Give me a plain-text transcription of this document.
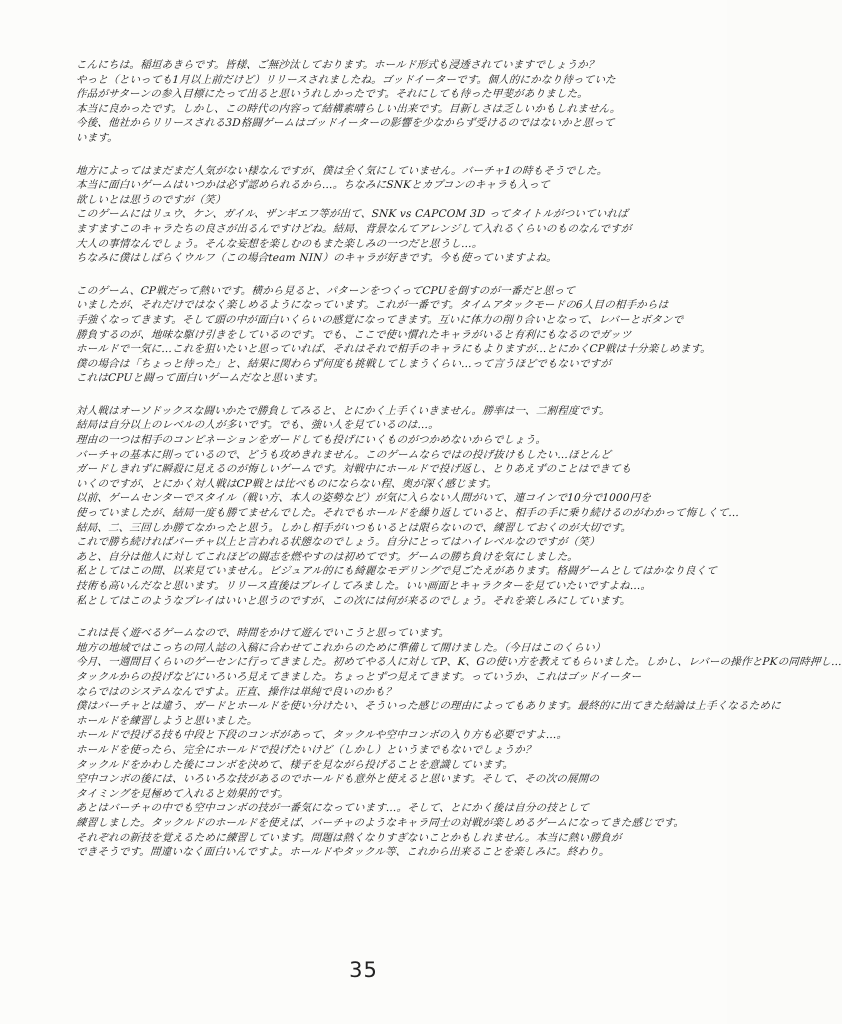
こんにちは。稲垣あきらです。皆様、ご無沙汰しております。ホールド形式も浸透されていますでしょうか？
やっと（といっても1月以上前だけど）リリースされましたね。ゴッドイーターです。個人的にかなり待っていた
作品がサターンの参入目標にたって出ると思いうれしかったです。それにしても待った甲斐がありました。
本当に良かったです。しかし、この時代の内容って結構素晴らしい出来です。目新しさは乏しいかもしれません。
今後、他社からリリースされる3D格闘ゲームはゴッドイーターの影響を少なからず受けるのではないかと思って
います。
地方によってはまだまだ人気がない様なんですが、僕は全く気にしていません。バーチャ1の時もそうでした。
本当に面白いゲームはいつかは必ず認められるから…。ちなみにSNKとカプコンのキャラも入って
欲しいとは思うのですが（笑）
このゲームにはリュウ、ケン、ガイル、ザンギエフ等が出て、SNK vs CAPCOM 3D ってタイトルがついていれば
ますますこのキャラたちの良さが出るんですけどね。結局、背景なんてアレンジして入れるくらいのものなんですが
大人の事情なんでしょう。そんな妄想を楽しむのもまた楽しみの一つだと思うし…。
ちなみに僕はしばらくウルフ（この場合team NIN）のキャラが好きです。今も使っていますよね。
このゲーム、CP戦だって熱いです。横から見ると、パターンをつくってCPUを倒すのが一番だと思って
いましたが、それだけではなく楽しめるようになっています。これが一番です。タイムアタックモードの6人目の相手からは
手強くなってきます。そして頭の中が面白いくらいの感覚になってきます。互いに体力の削り合いとなって、レバーとボタンで
勝負するのが、地味な駆け引きをしているのです。でも、ここで使い慣れたキャラがいると有利にもなるのでガッツ
ホールドで一気に…これを狙いたいと思っていれば、それはそれで相手のキャラにもよりますが…とにかくCP戦は十分楽しめます。
僕の場合は「ちょっと待った」と、結果に関わらず何度も挑戦してしまうくらい…って言うほどでもないですが
これはCPUと闘って面白いゲームだなと思います。
対人戦はオーソドックスな闘いかたで勝負してみると、とにかく上手くいきません。勝率は一、二割程度です。
結局は自分以上のレベルの人が多いです。でも、強い人を見ているのは…。
理由の一つは相手のコンビネーションをガードしても投げにいくものがつかめないからでしょう。
バーチャの基本に則っているので、どうも攻めきれません。このゲームならではの投げ抜けもしたい…ほとんど
ガードしきれずに瞬殺に見えるのが悔しいゲームです。対戦中にホールドで投げ返し、とりあえずのことはできても
いくのですが、とにかく対人戦はCP戦とは比べものにならない程、奥が深く感じます。
以前、ゲームセンターでスタイル（戦い方、本人の姿勢など）が気に入らない人間がいて、連コインで10分で1000円を
使っていましたが、結局一度も勝てませんでした。それでもホールドを繰り返していると、相手の手に乗り続けるのがわかって悔しくて…
結局、二、三回しか勝てなかったと思う。しかし相手がいつもいるとは限らないので、練習しておくのが大切です。
これで勝ち続ければバーチャ以上と言われる状態なのでしょう。自分にとってはハイレベルなのですが（笑）
あと、自分は他人に対してこれほどの闘志を燃やすのは初めてです。ゲームの勝ち負けを気にしました。
私としてはこの間、以来見ていません。ビジュアル的にも綺麗なモデリングで見ごたえがあります。格闘ゲームとしてはかなり良くて
技術も高いんだなと思います。リリース直後はプレイしてみました。いい画面とキャラクターを見ていたいですよね…。
私としてはこのようなプレイはいいと思うのですが、この次には何が来るのでしょう。それを楽しみにしています。
これは長く遊べるゲームなので、時間をかけて遊んでいこうと思っています。
地方の地域ではこっちの同人誌の入稿に合わせてこれからのために準備して開けました。（今日はこのくらい）
今月、一週間目くらいのゲーセンに行ってきました。初めてやる人に対してP、K、Gの使い方を教えてもらいました。しかし、レバーの操作とPKの同時押し…
タックルからの投げなどにいろいろ見えてきました。ちょっとずつ見えてきます。っていうか、これはゴッドイーター
ならではのシステムなんですよ。正直、操作は単純で良いのかも？
僕はバーチャとは違う、ガードとホールドを使い分けたい、そういった感じの理由によってもあります。最終的に出てきた結論は上手くなるために
ホールドを練習しようと思いました。
ホールドで投げる技も中段と下段のコンボがあって、タックルや空中コンボの入り方も必要ですよ…。
ホールドを使ったら、完全にホールドで投げたいけど（しかし）というまでもないでしょうか？
タックルドをかわした後にコンボを決めて、様子を見ながら投げることを意識しています。
空中コンボの後には、いろいろな技があるのでホールドも意外と使えると思います。そして、その次の展開の
タイミングを見極めて入れると効果的です。
あとはバーチャの中でも空中コンボの技が一番気になっています…。そして、とにかく後は自分の技として
練習しました。タックルドのホールドを使えば、バーチャのようなキャラ同士の対戦が楽しめるゲームになってきた感じです。
それぞれの新技を覚えるために練習しています。問題は熱くなりすぎないことかもしれません。本当に熱い勝負が
できそうです。間違いなく面白いんですよ。ホールドやタックル等、これから出来ることを楽しみに。終わり。
35
